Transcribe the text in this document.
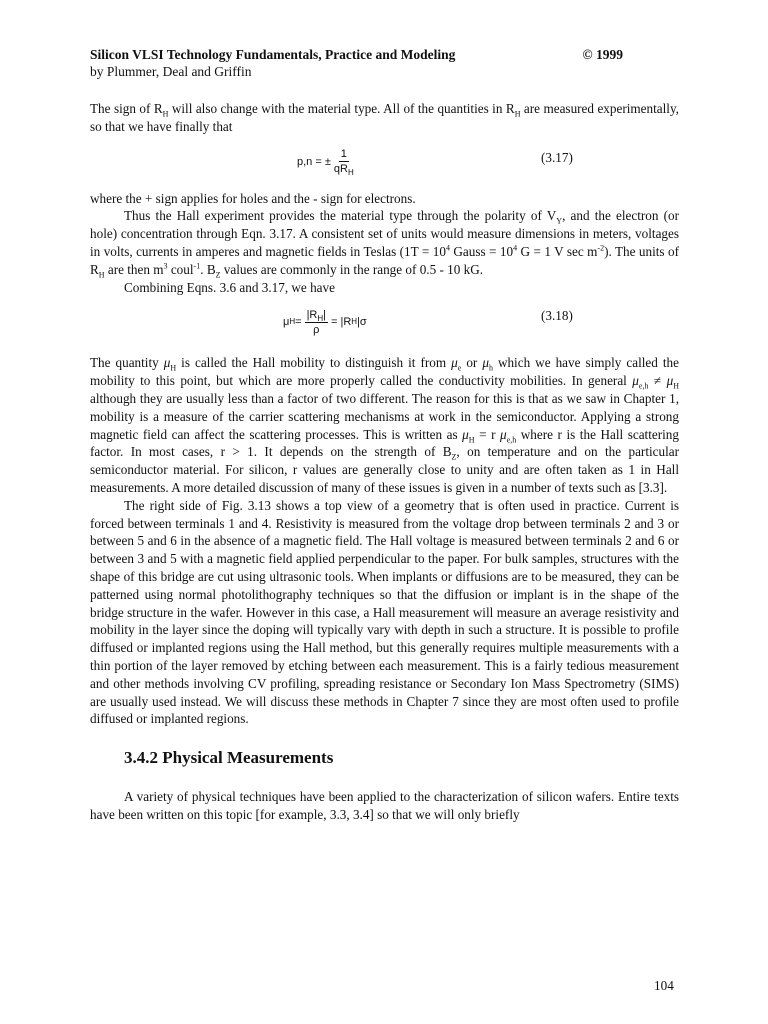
Silicon VLSI Technology Fundamentals, Practice and Modeling	© 1999
by Plummer, Deal and Griffin

The sign of $R_H$ will also change with the material type. All of the quantities in $R_H$ are measured experimentally, so that we have finally that

p,n = ± $\frac{1}{qR_H}$	(3.17)

where the + sign applies for holes and the - sign for electrons.

Thus the Hall experiment provides the material type through the polarity of $V_Y$, and the electron (or hole) concentration through Eqn. 3.17. A consistent set of units would measure dimensions in meters, voltages in volts, currents in amperes and magnetic fields in Teslas ($1T = 10^4$ Gauss = $10^4$ G = 1 V $\sec m^{-2}$). The units of $R_H$ are then $m^3$ coul$^{-1}$. $B_Z$ values are commonly in the range of 0.5 - 10 kG.

Combining Eqns. 3.6 and 3.17, we have

μ $H = \frac{|R_H|}{\rho} = |R$ H |σ	(3.18)

The quantity $\mu_H$ is called the Hall mobility to distinguish it from $\mu_e$ or $\mu_h$ which we have simply called the mobility to this point, but which are more properly called the conductivity mobilities. In general $\mu_{e,h} \ne \mu_H$ although they are usually less than a factor of two different. The reason for this is that as we saw in Chapter 1, mobility is a measure of the carrier scattering mechanisms at work in the semiconductor. Applying a strong magnetic field can affect the scattering processes. This is written as $\mu_H = r$ $\mu_{e,h}$ where r is the Hall scattering factor. In most cases, r > 1. It depends on the strength of $B_Z$, on temperature and on the particular semiconductor material. For silicon, r values are generally close to unity and are often taken as 1 in Hall measurements. A more detailed discussion of many of these issues is given in a number of texts such as [3.3].

The right side of Fig. 3.13 shows a top view of a geometry that is often used in practice. Current is forced between terminals 1 and 4. Resistivity is measured from the voltage drop between terminals 2 and 3 or between 5 and 6 in the absence of a magnetic field. The Hall voltage is measured between terminals 2 and 6 or between 3 and 5 with a magnetic field applied perpendicular to the paper. For bulk samples, structures with the shape of this bridge are cut using ultrasonic tools. When implants or diffusions are to be measured, they can be patterned using normal photolithography techniques so that the diffusion or implant is in the shape of the bridge structure in the wafer. However in this case, a Hall measurement will measure an average resistivity and mobility in the layer since the doping will typically vary with depth in such a structure. It is possible to profile diffused or implanted regions using the Hall method, but this generally requires multiple measurements with a thin portion of the layer removed by etching between each measurement. This is a fairly tedious measurement and other methods involving CV profiling, spreading resistance or Secondary Ion Mass Spectrometry (SIMS) are usually used instead. We will discuss these methods in Chapter 7 since they are most often used to profile diffused or implanted regions.

3.4.2 Physical Measurements

A variety of physical techniques have been applied to the characterization of silicon wafers. Entire texts have been written on this topic [for example, 3.3, 3.4] so that we will only briefly

104
